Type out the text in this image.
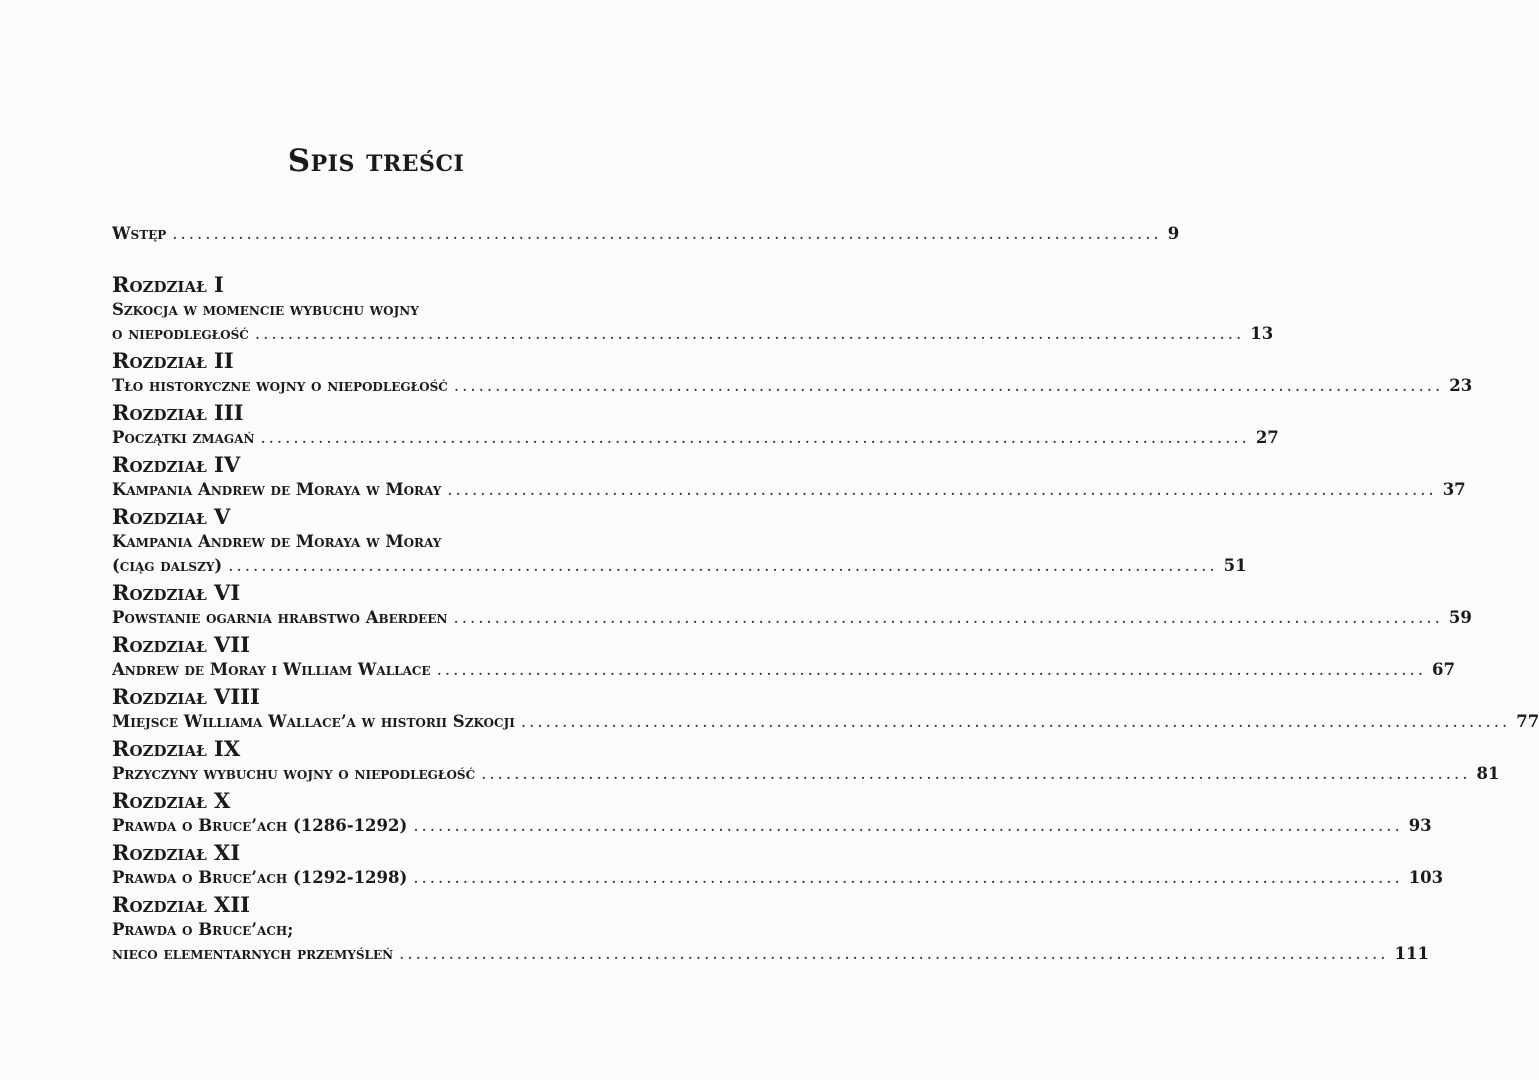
Spis treści
Wstęp ........................................................................................................................ 9
Rozdział I
Szkocja w momencie wybuchu wojny
o niepodległość ........................................................................................................................ 13
Rozdział II
Tło historyczne wojny o niepodległość ........................................................................................................................ 23
Rozdział III
Początki zmagań ........................................................................................................................ 27
Rozdział IV
Kampania Andrew de Moraya w Moray ........................................................................................................................ 37
Rozdział V
Kampania Andrew de Moraya w Moray
(ciąg dalszy) ........................................................................................................................ 51
Rozdział VI
Powstanie ogarnia hrabstwo Aberdeen ........................................................................................................................ 59
Rozdział VII
Andrew de Moray i William Wallace ........................................................................................................................ 67
Rozdział VIII
Miejsce Williama Wallace’a w historii Szkocji ........................................................................................................................ 77
Rozdział IX
Przyczyny wybuchu wojny o niepodległość ........................................................................................................................ 81
Rozdział X
Prawda o Bruce’ach (1286-1292) ........................................................................................................................ 93
Rozdział XI
Prawda o Bruce’ach (1292-1298) ........................................................................................................................ 103
Rozdział XII
Prawda o Bruce’ach;
nieco elementarnych przemyśleń ........................................................................................................................ 111
